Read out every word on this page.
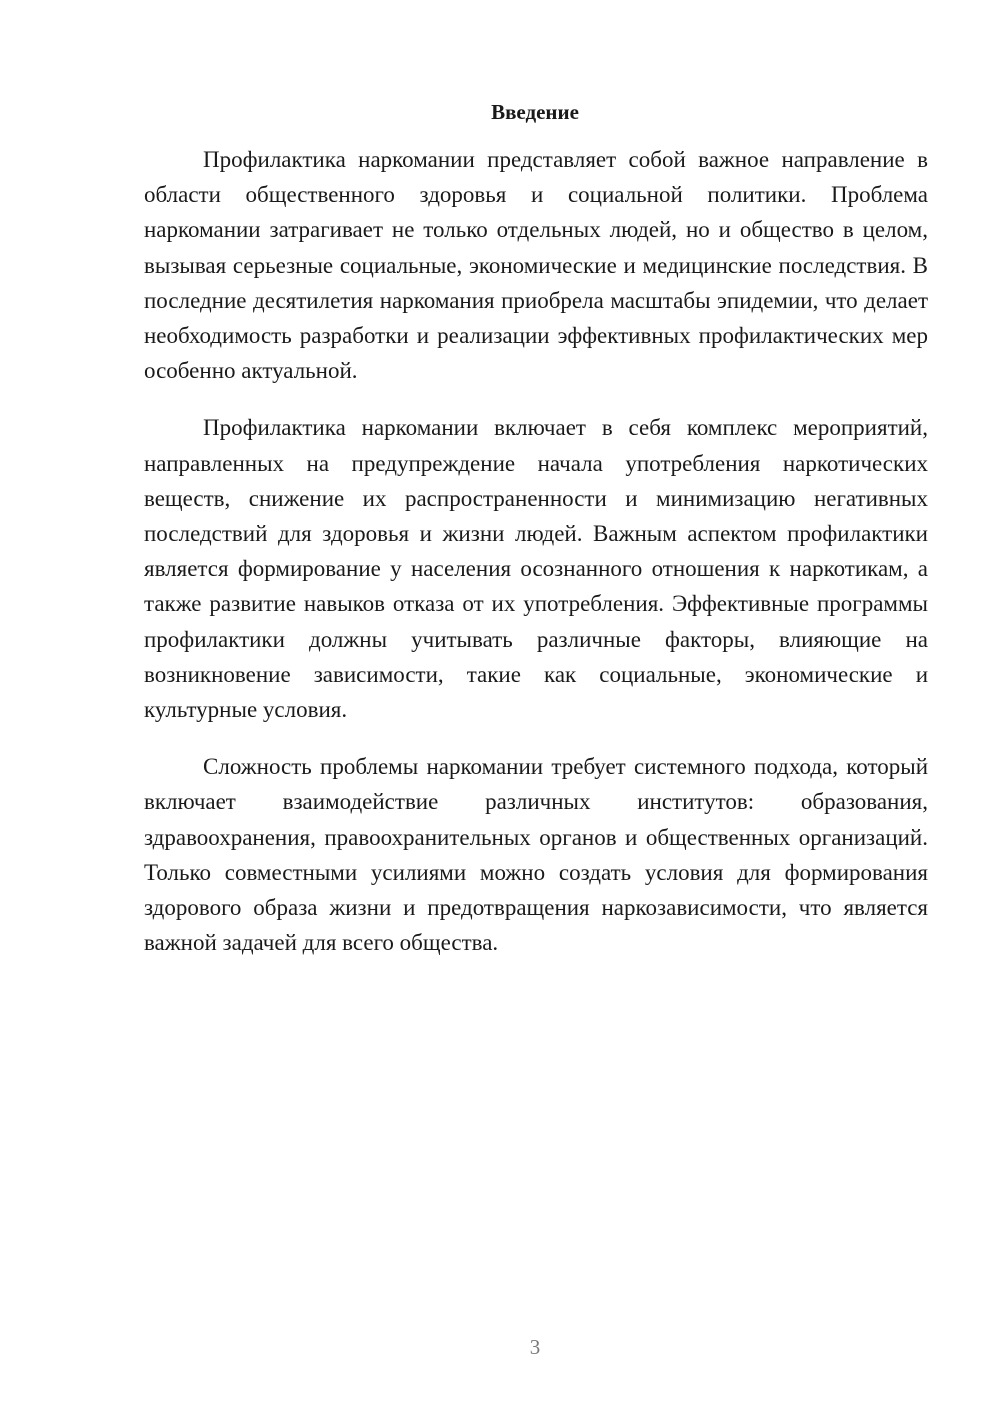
Введение

Профилактика наркомании представляет собой важное направление в области общественного здоровья и социальной политики. Проблема наркомании затрагивает не только отдельных людей, но и общество в целом, вызывая серьезные социальные, экономические и медицинские последствия. В последние десятилетия наркомания приобрела масштабы эпидемии, что делает необходимость разработки и реализации эффективных профилактических мер особенно актуальной.

Профилактика наркомании включает в себя комплекс мероприятий, направленных на предупреждение начала употребления наркотических веществ, снижение их распространенности и минимизацию негативных последствий для здоровья и жизни людей. Важным аспектом профилактики является формирование у населения осознанного отношения к наркотикам, а также развитие навыков отказа от их употребления. Эффективные программы профилактики должны учитывать различные факторы, влияющие на возникновение зависимости, такие как социальные, экономические и культурные условия.

Сложность проблемы наркомании требует системного подхода, который включает взаимодействие различных институтов: образования, здравоохранения, правоохранительных органов и общественных организаций. Только совместными усилиями можно создать условия для формирования здорового образа жизни и предотвращения наркозависимости, что является важной задачей для всего общества.

3
